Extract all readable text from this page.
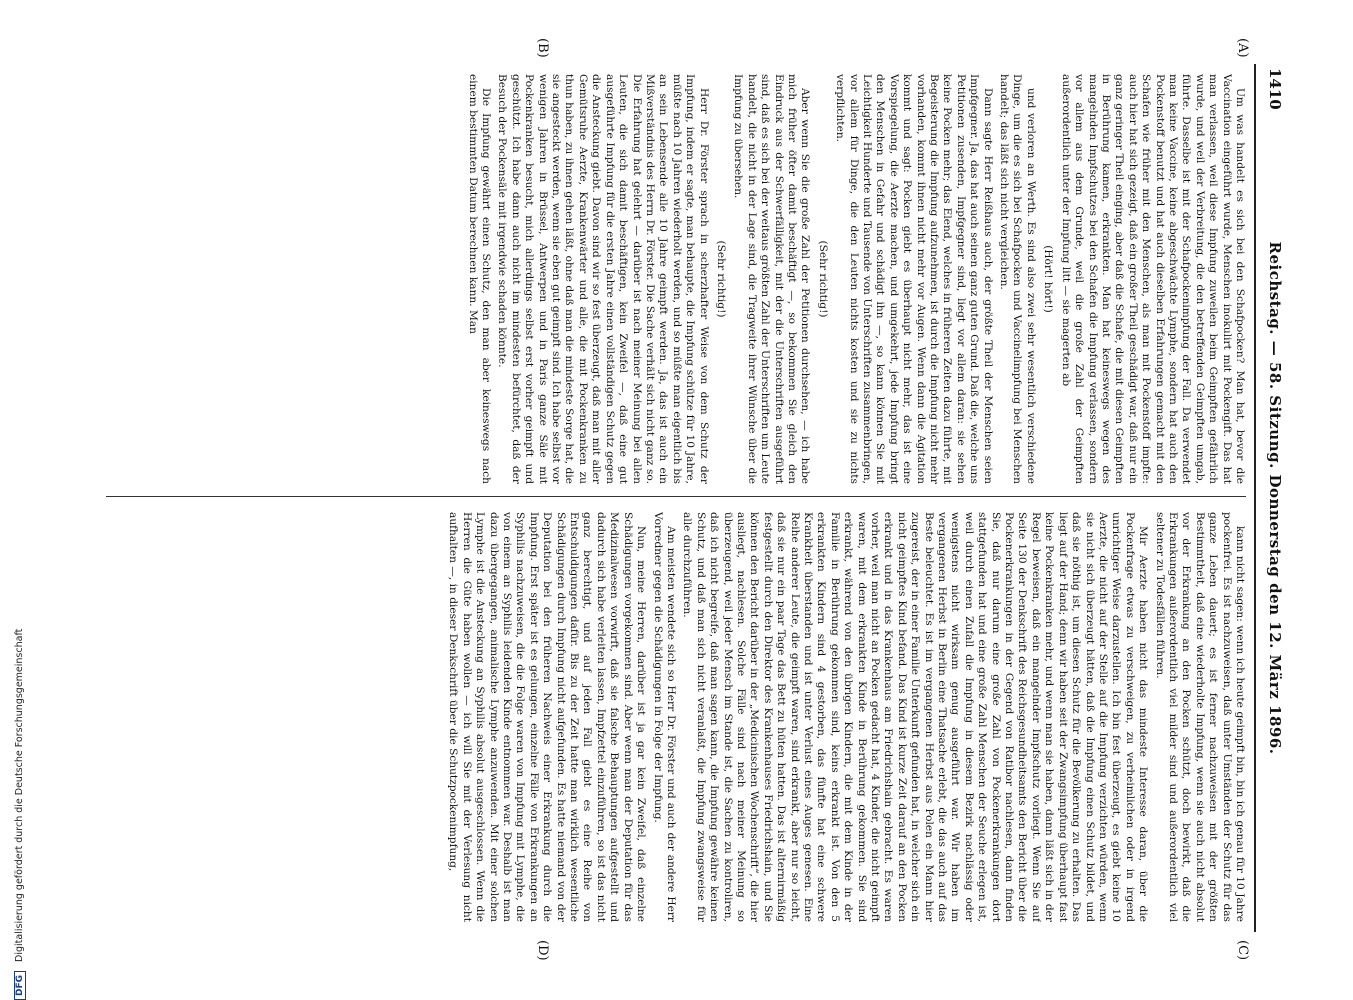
1410
Reichstag. — 58. Sitzung. Donnerstag den 12. März 1896.
(A)
(B)
(C)
(D)

Um was handelt es sich bei den Schafpocken? Man hat, bevor die Vaccination eingeführt wurde, Menschen inokulirt mit Pockengift. Das hat man verlassen, weil diese Impfung zuweilen beim Geimpften gefährlich wurde, und weil der Verbreitung, die den betreffenden Geimpften umgab, führte. Dasselbe ist mit der Schafpockenimpfung der Fall. Da verwendet man keine Vaccine, keine abgeschwächte Lymphe, sondern hat auch den Pockenstoff benutzt und hat auch dieselben Erfahrungen gemacht mit den Schafen wie früher mit den Menschen, als man mit Pockenstoff impfte: auch hier hat sich gezeigt, daß ein großer Theil geschädigt war, daß nur ein ganz geringer Theil einging, aber daß die Schafe, die mit diesen Geimpften in Berührung kamen, erkrankten. Man hat keineswegs wegen des mangelnden Impfschutzes bei den Schafen die Impfung verlassen, sondern vor allem aus dem Grunde, weil die große Zahl der Geimpften außerordentlich unter der Impfung litt — sie magerten ab

(Hört! hört!)

und verloren an Werth. Es sind also zwei sehr wesentlich verschiedene Dinge, um die es sich bei Schafpocken und Vaccinelimpfung bei Menschen handelt; das läßt sich nicht vergleichen.

Dann sagte Herr Reißhaus auch, der größte Theil der Menschen seien Impfgegner. Ja, das hat auch seinen ganz guten Grund. Daß die, welche uns Petitionen zusenden, Impfgegner sind, liegt vor allem daran: sie sehen keine Pocken mehr; das Elend, welches in früheren Zeiten dazu führte, mit Begeisterung die Impfung aufzunehmen, ist durch die Impfung nicht mehr vorhanden, kommt ihnen nicht mehr vor Augen. Wenn dann die Agitation kommt und sagt: Pocken giebt es überhaupt nicht mehr, das ist eine Vorspiegelung, die Aerzte machen, und umgekehrt, jede Impfung bringt den Menschen in Gefahr und schädigt ihn —, so kann können Sie mit Leichtigkeit Hunderte und Tausende von Unterschriften zusammenbringen, vor allem für Dinge, die den Leuten nichts kosten und sie zu nichts verpflichten.

(Sehr richtig!)

Aber wenn Sie die große Zahl der Petitionen durchsehen, — ich habe mich früher öfter damit beschäftigt —, so bekommen Sie gleich den Eindruck aus der Schwerfälligkeit, mit der die Unterschriften ausgeführt sind, daß es sich bei der weitaus größten Zahl der Unterschriften um Leute handelt, die nicht in der Lage sind, die Tragweite ihrer Wünsche über die Impfung zu übersehen.

(Sehr richtig!)

Herr Dr. Förster sprach in scherzhafter Weise von dem Schutz der Impfung, indem er sagte, man behaupte, die Impfung schütze für 10 Jahre, müßte nach 10 Jahren wiederholt werden, und so müßte man eigentlich bis an sein Lebensende alle 10 Jahre geimpft werden. Ja, das ist auch ein Mißverständnis des Herrn Dr. Förster. Die Sache verhält sich nicht ganz so. Die Erfahrung hat gelehrt — darüber ist nach meiner Meinung bei allen Leuten, die sich damit beschäftigen, kein Zweifel —, daß eine gut ausgeführte Impfung für die ersten Jahre einen vollständigen Schutz gegen die Ansteckung giebt. Davon sind wir so fest überzeugt, daß man mit aller Gemütsruhe Aerzte, Krankenwärter und alle, die mit Pockenkranken zu thun haben, zu ihnen gehen läßt, ohne daß man die mindeste Sorge hat, die sie angesteckt werden, wenn sie eben gut geimpft sind. Ich habe selbst vor wenigen Jahren in Brüssel, Antwerpen und in Paris ganze Säle mit Pockenkranken besucht, mich allerdings selbst erst vorher geimpft und geschützt. Ich habe dann auch nicht im mindesten befürchtet, daß der Besuch der Pockensäle mit irgendwie schaden könnte.

Die Impfung gewährt einen Schutz, den man aber keineswegs nach einem bestimmten Datum berechnen kann. Man

kann nicht sagen: wenn ich heute geimpft bin, bin ich genau für 10 Jahre pockenfrei. Es ist nachzuweisen, daß unter Umständen der Schutz für das ganze Leben dauert; es ist ferner nachzuweisen mit der größten Bestimmtheit, daß eine wiederholte Impfung, wenn sie auch nicht absolut vor der Erkrankung an den Pocken schützt, doch bewirkt, daß die Erkrankungen außerordentlich viel milder sind und außerordentlich viel seltener zu Todesfällen führen.

Mir Aerzte haben nicht das mindeste Interesse daran, über die Pockenfrage etwas zu verschweigen, zu verheimlichen oder in irgend unrichtiger Weise darzustellen. Ich bin fest überzeugt, es giebt keine 10 Aerzte, die nicht auf der Stelle auf die Impfung verzichten würden, wenn sie nicht sich überzeugt hätten, daß die Impfung einen Schutz bildet, und daß sie nöthig ist, um diesen Schutz für die Bevölkerung zu erhalten. Das liegt auf der Hand; denn wir haben seit der Zwangsimpfung überhaupt fast keine Pockenkranken mehr, und wenn man sie haben, dann läßt sich in der Regel beweisen, daß ein mangelnder Impfschutz vorliegt. Wenn Sie auf Seite 130 der Denkschrift des Reichsgesundheitsamts den Bericht über die Pockenerkrankungen in der Gegend von Ratibor nachlesen, dann finden Sie, daß nur darum eine große Zahl von Pockenerkrankungen dort stattgefunden hat und eine große Zahl Menschen der Seuche erlegen ist, weil durch einen Zufall die Impfung in diesem Bezirk nachlässig oder wenigstens nicht wirksam genug ausgeführt war. Wir haben im vergangenen Herbst in Berlin eine Thatsache erlebt, die das auch auf das Beste beleuchtet. Es ist im vergangenen Herbst aus Polen ein Mann hier zugereist, der in einer Familie Unterkunft gefunden hat, in welcher sich ein nicht geimpftes Kind befand. Das Kind ist kurze Zeit darauf an den Pocken erkrankt und in das Krankenhaus am Friedrichshain gebracht. Es waren vorher, weil man nicht an Pocken gedacht hat, 4 Kinder, die nicht geimpft waren, mit dem erkrankten Kinde in Berührung gekommen. Sie sind erkrankt, während von den übrigen Kindern, die mit dem Kinde in der Familie in Berührung gekommen sind, keins erkrankt ist. Von den 5 erkrankten Kindern sind 4 gestorben, das fünfte hat eine schwere Krankheit überstanden und ist unter Verlust eines Auges genesen. Eine Reihe anderer Leute, die geimpft waren, sind erkrankt, aber nur so leicht, daß sie nur ein paar Tage das Bett zu hüten hatten. Das ist alternirmäßig festgestellt durch den Direktor des Krankenhauses Friedrichshain, und Sie können den Bericht darüber in der „Medicinischen Wochenschrift“, die hier ausliegt, nachlesen. Solche Fälle sind nach meiner Meinung so überzeugend, weil jeder Mensch im Stande ist, die Sachen zu kontroliren, daß ich nicht begreife, daß man sagen kann, die Impfung gewähre keinen Schutz, und daß man sich nicht veranlaßt, die Impfung zwangsweise für alle durchzuführen.

Am meisten wendete sich so Herr Dr. Förster und auch der andere Herr Vorredner gegen die Schädigungen in Folge der Impfung.

Nun, meine Herren, darüber ist ja gar kein Zweifel, daß einzelne Schädigungen vorgekommen sind. Aber wenn man der Deputation für das Medizinalwesen vorwirft, daß sie falsche Behauptungen aufgestellt und dadurch sich habe verleiten lassen, Impfzettel einzuführen, so ist das nicht ganz berechtigt, und auf jeden Fall giebt es eine Reihe von Entschuldigungen dafür. Bis zu der Zeit hatte man wirklich wesentliche Schädigungen durch Impfung nicht aufgefunden. Es hatte niemand von der Deputation bei den früheren Nachweis einer Erkrankung durch die Impfung. Erst später ist es gelungen, einzelne Fälle von Erkrankungen an Syphilis nachzuweisen, die die Folge waren von Impfung mit Lymphe, die von einem an Syphilis leidenden Kinde entnommen war. Deshalb ist man dazu übergegangen, animalische Lymphe anzuwenden. Mit einer solchen Lymphe ist die Ansteckung an Syphilis absolut ausgeschlossen. Wenn die Herren die Güte haben wollen — ich will Sie mit der Verlesung nicht aufhalten —, in dieser Denkschrift über die Schutzpockenimpfung,

DFG Digitalisierung gefördert durch die Deutsche Forschungsgemeinschaft
